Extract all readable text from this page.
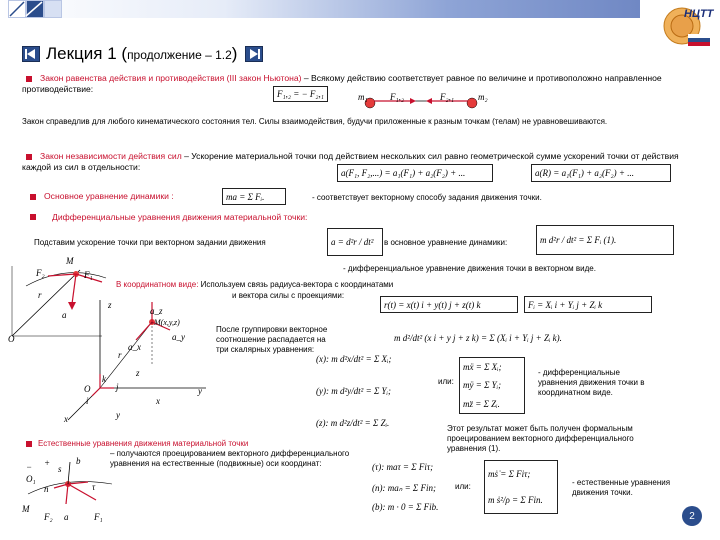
НЦТТ
Лекция 1 (продолжение – 1.2)
Закон равенства действия и противодействия (III закон Ньютона) – Всякому действию соответствует равное по величине и противоположно направленное противодействие:	F₁,₂ = − F₂,₁	m₁ F₁,₂	F₂,₁	m₂
Закон справедлив для любого кинематического состояния тел. Силы взаимодействия, будучи приложенные к разным точкам (телам) не уравновешиваются.
Закон независимости действия сил – Ускорение материальной точки под действием нескольких сил равно геометрической сумме ускорений точки от действия каждой из сил в отдельности:
a(F₁, F₂,...) = a₁(F₁) + a₂(F₂) + ...	a(R) = a₁(F₁) + a₂(F₂) + ...
Основное уравнение динамики :	ma = Σ Fᵢ.	- соответствует векторному способу задания движения точки.
Дифференциальные уравнения движения материальной точки:
Подставим ускорение точки при векторном задании движения	a = d²r / dt²	в основное уравнение динамики:	m d²r / dt² = Σ Fᵢ (1).
- дифференциальное уравнение движения точки в векторном виде.
M
F₂	F₁
r
a
O
В координатном виде: Используем связь радиуса-вектора с координатами
и вектора силы с проекциями:
r(t) = x(t) i + y(t) j + z(t) k	Fᵢ = Xᵢ i + Yᵢ j + Zᵢ k
z
a_z
M(x,y,z)
a_y
r
a_x
z
k
O
i
j
x
y
x	y
После группировки векторное соотношение распадается на три скалярных уравнения:
m d²/dt² (x i + y j + z k) = Σ (Xᵢ i + Yᵢ j + Zᵢ k).
(x): m d²x/dt² = Σ Xᵢ;
(y): m d²y/dt² = Σ Yᵢ;
(z): m d²z/dt² = Σ Zᵢ.
или:
mẍ = Σ Xᵢ;
mÿ = Σ Yᵢ;
mz̈ = Σ Zᵢ.
- дифференциальные уравнения движения точки в координатном виде.
Этот результат может быть получен формальным проецированием векторного дифференциального уравнения (1).
Естественные уравнения движения материальной точки
– получаются проецированием векторного дифференциального уравнения на естественные (подвижные) оси координат:	(τ): maτ = Σ Fiτ;
(n): maₙ = Σ Fin;
(b): m · 0 = Σ Fib.
или:
mṡ̇ = Σ Fiτ;
m ṡ²/ρ = Σ Fin.
- естественные уравнения движения точки.
− +
O₁
s
b
n	τ
M
F₂ a	F₁	2
